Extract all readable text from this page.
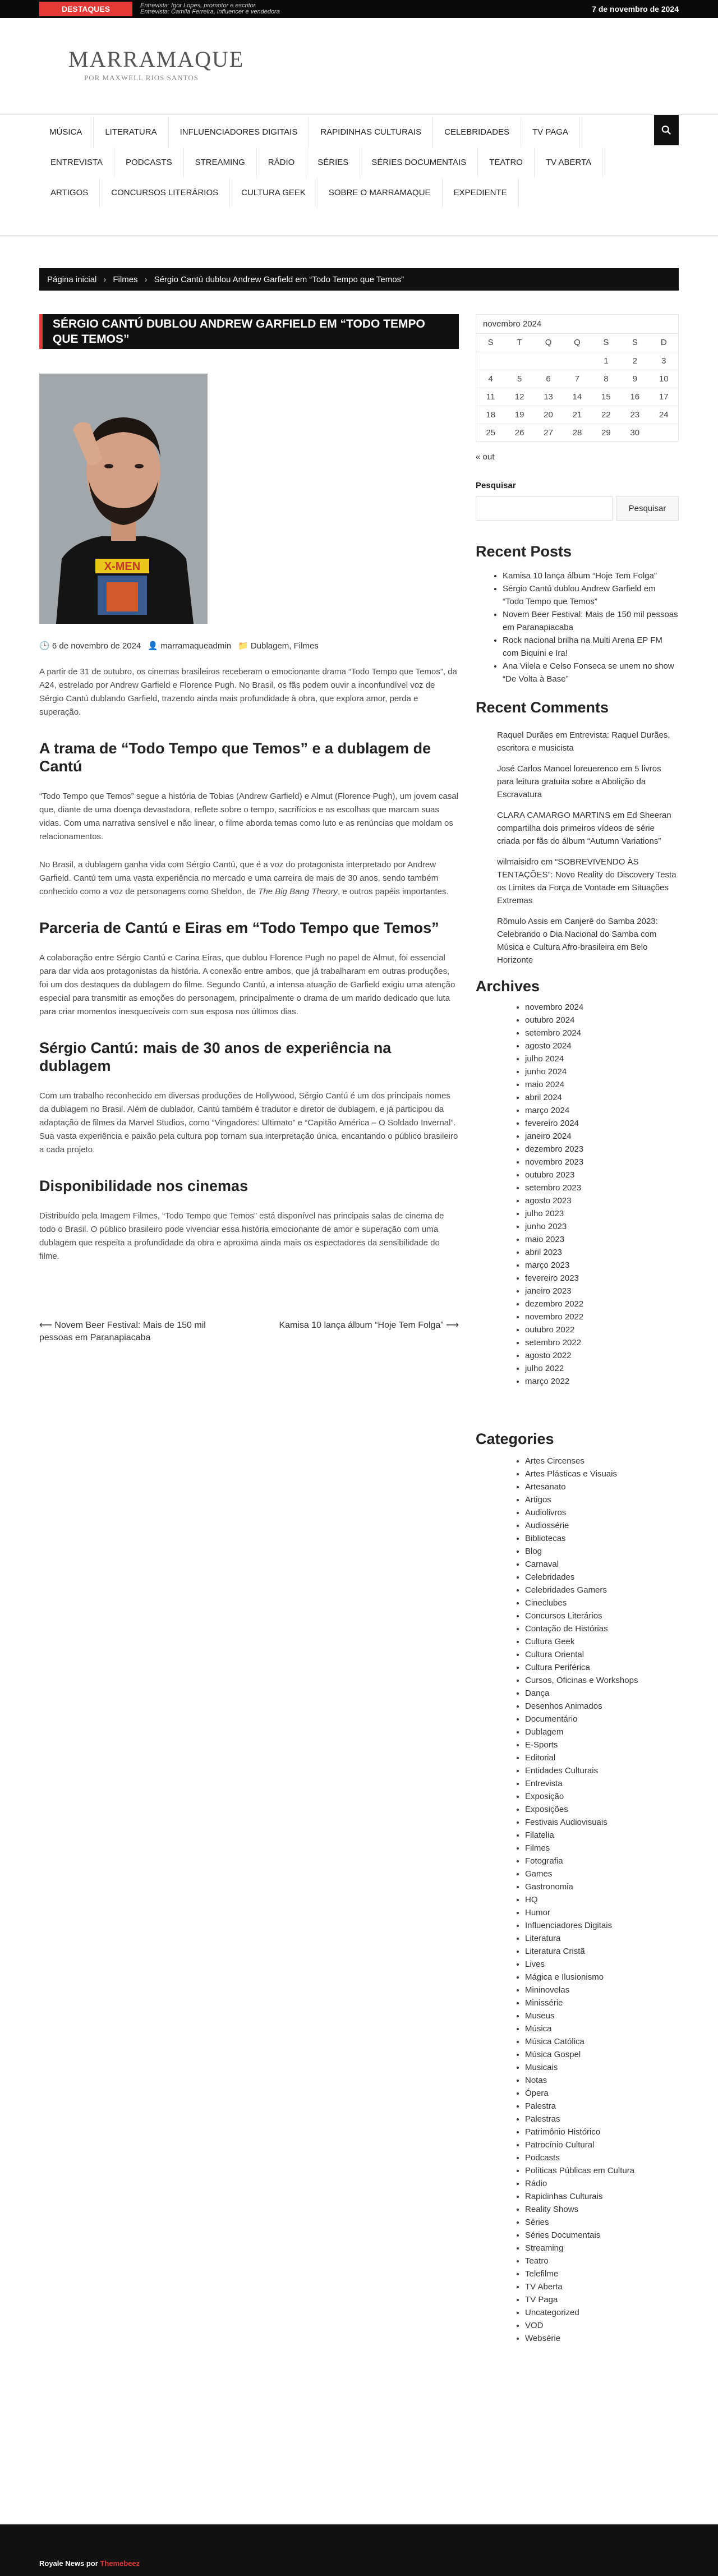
DESTAQUES	Entrevista: Igor Lopes, promotor e escritor
Entrevista: Camila Ferreira, influencer e vendedora	7 de novembro de 2024
MARRAMAQUE
POR MAXWELL RIOS SANTOS
MÚSICA	LITERATURA	INFLUENCIADORES DIGITAIS	RAPIDINHAS CULTURAIS	CELEBRIDADES	TV PAGA
ENTREVISTA	PODCASTS	STREAMING	RÁDIO	SÉRIES	SÉRIES DOCUMENTAIS	TEATRO	TV ABERTA
ARTIGOS	CONCURSOS LITERÁRIOS	CULTURA GEEK	SOBRE O MARRAMAQUE	EXPEDIENTE
Página inicial › Filmes › Sérgio Cantú dublou Andrew Garfield em “Todo Tempo que Temos”
SÉRGIO CANTÚ DUBLOU ANDREW GARFIELD EM “TODO TEMPO QUE TEMOS”
X-MEN
🕒 6 de novembro de 2024 👤 marramaqueadmin 📁 Dublagem, Filmes

A partir de 31 de outubro, os cinemas brasileiros receberam o emocionante drama “Todo Tempo que Temos”, da A24, estrelado por Andrew Garfield e Florence Pugh. No Brasil, os fãs podem ouvir a inconfundível voz de Sérgio Cantú dublando Garfield, trazendo ainda mais profundidade à obra, que explora amor, perda e superação.

A trama de “Todo Tempo que Temos” e a dublagem de Cantú

“Todo Tempo que Temos” segue a história de Tobias (Andrew Garfield) e Almut (Florence Pugh), um jovem casal que, diante de uma doença devastadora, reflete sobre o tempo, sacrifícios e as escolhas que marcam suas vidas. Com uma narrativa sensível e não linear, o filme aborda temas como luto e as renúncias que moldam os relacionamentos.

No Brasil, a dublagem ganha vida com Sérgio Cantú, que é a voz do protagonista interpretado por Andrew Garfield. Cantú tem uma vasta experiência no mercado e uma carreira de mais de 30 anos, sendo também conhecido como a voz de personagens como Sheldon, de The Big Bang Theory, e outros papéis importantes.

Parceria de Cantú e Eiras em “Todo Tempo que Temos”

A colaboração entre Sérgio Cantú e Carina Eiras, que dublou Florence Pugh no papel de Almut, foi essencial para dar vida aos protagonistas da história. A conexão entre ambos, que já trabalharam em outras produções, foi um dos destaques da dublagem do filme. Segundo Cantú, a intensa atuação de Garfield exigiu uma atenção especial para transmitir as emoções do personagem, principalmente o drama de um marido dedicado que luta para criar momentos inesquecíveis com sua esposa nos últimos dias.

Sérgio Cantú: mais de 30 anos de experiência na dublagem

Com um trabalho reconhecido em diversas produções de Hollywood, Sérgio Cantú é um dos principais nomes da dublagem no Brasil. Além de dublador, Cantú também é tradutor e diretor de dublagem, e já participou da adaptação de filmes da Marvel Studios, como “Vingadores: Ultimato” e “Capitão América – O Soldado Invernal”. Sua vasta experiência e paixão pela cultura pop tornam sua interpretação única, encantando o público brasileiro a cada projeto.

Disponibilidade nos cinemas

Distribuído pela Imagem Filmes, “Todo Tempo que Temos” está disponível nas principais salas de cinema de todo o Brasil. O público brasileiro pode vivenciar essa história emocionante de amor e superação com uma dublagem que respeita a profundidade da obra e aproxima ainda mais os espectadores da sensibilidade do filme.

⟵ Novem Beer Festival: Mais de 150 mil pessoas em Paranapiacaba
Kamisa 10 lança álbum “Hoje Tem Folga” ⟶
novembro 2024
S	T	Q	Q	S	S	D
				1	2	3
4	5	6	7	8	9	10
11	12	13	14	15	16	17
18	19	20	21	22	23	24
25	26	27	28	29	30	
« out
Pesquisar
Pesquisar
Recent Posts
• Kamisa 10 lança álbum “Hoje Tem Folga”
• Sérgio Cantú dublou Andrew Garfield em “Todo Tempo que Temos”
• Novem Beer Festival: Mais de 150 mil pessoas em Paranapiacaba
• Rock nacional brilha na Multi Arena EP FM com Biquini e Ira!
• Ana Vilela e Celso Fonseca se unem no show “De Volta à Base”
Recent Comments
Raquel Durães em Entrevista: Raquel Durães, escritora e musicista
José Carlos Manoel loreuerenco em 5 livros para leitura gratuita sobre a Abolição da Escravatura
CLARA CAMARGO MARTINS em Ed Sheeran compartilha dois primeiros vídeos de série criada por fãs do álbum “Autumn Variations”
wilmaisidro em “SOBREVIVENDO ÀS TENTAÇÕES”: Novo Reality do Discovery Testa os Limites da Força de Vontade em Situações Extremas
Rômulo Assis em Canjerê do Samba 2023: Celebrando o Dia Nacional do Samba com Música e Cultura Afro-brasileira em Belo Horizonte
Archives
• novembro 2024
• outubro 2024
• setembro 2024
• agosto 2024
• julho 2024
• junho 2024
• maio 2024
• abril 2024
• março 2024
• fevereiro 2024
• janeiro 2024
• dezembro 2023
• novembro 2023
• outubro 2023
• setembro 2023
• agosto 2023
• julho 2023
• junho 2023
• maio 2023
• abril 2023
• março 2023
• fevereiro 2023
• janeiro 2023
• dezembro 2022
• novembro 2022
• outubro 2022
• setembro 2022
• agosto 2022
• julho 2022
• março 2022
Categories
• Artes Circenses
• Artes Plásticas e Visuais
• Artesanato
• Artigos
• Audiolivros
• Audiossérie
• Bibliotecas
• Blog
• Carnaval
• Celebridades
• Celebridades Gamers
• Cineclubes
• Concursos Literários
• Contação de Histórias
• Cultura Geek
• Cultura Oriental
• Cultura Periférica
• Cursos, Oficinas e Workshops
• Dança
• Desenhos Animados
• Documentário
• Dublagem
• E-Sports
• Editorial
• Entidades Culturais
• Entrevista
• Exposição
• Exposições
• Festivais Audiovisuais
• Filatelia
• Filmes
• Fotografia
• Games
• Gastronomia
• HQ
• Humor
• Influenciadores Digitais
• Literatura
• Literatura Cristã
• Lives
• Mágica e Ilusionismo
• Mininovelas
• Minissérie
• Museus
• Música
• Música Católica
• Música Gospel
• Musicais
• Notas
• Ópera
• Palestra
• Palestras
• Patrimônio Histórico
• Patrocínio Cultural
• Podcasts
• Políticas Públicas em Cultura
• Rádio
• Rapidinhas Culturais
• Reality Shows
• Séries
• Séries Documentais
• Streaming
• Teatro
• Telefilme
• TV Aberta
• TV Paga
• Uncategorized
• VOD
• Websérie
Royale News por Themebeez
